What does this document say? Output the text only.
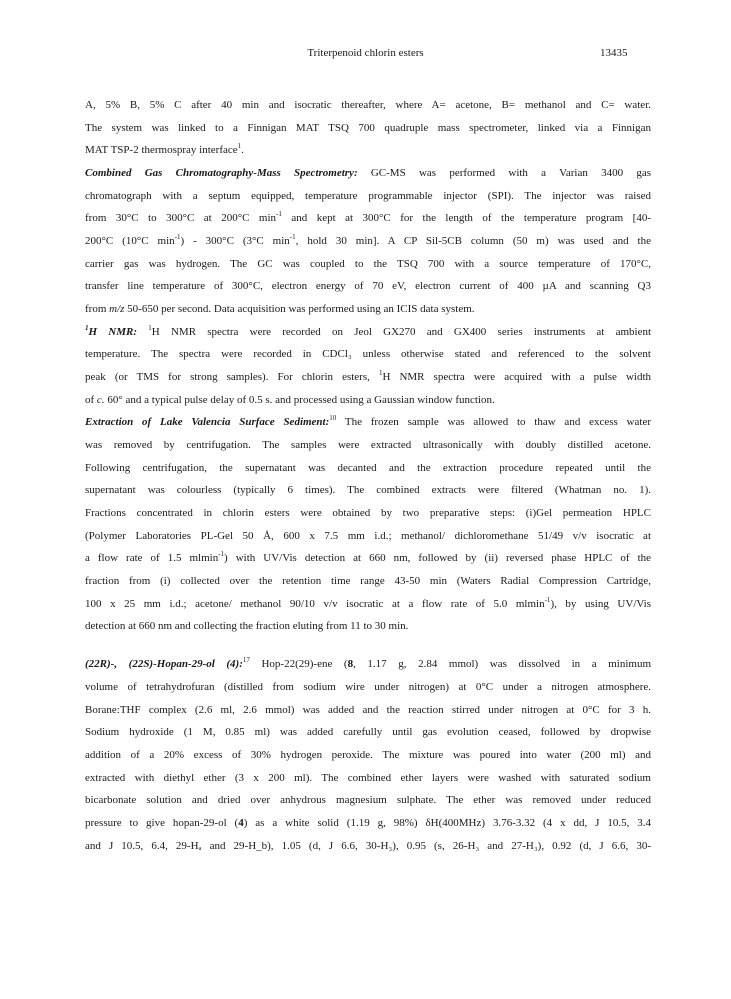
Triterpenoid chlorin esters	13435
A, 5% B, 5% C after 40 min and isocratic thereafter, where A= acetone, B= methanol and C= water.
The system was linked to a Finnigan MAT TSQ 700 quadruple mass spectrometer, linked via a Finnigan
MAT TSP-2 thermospray interface$^1$.
Combined Gas Chromatography-Mass Spectrometry: GC-MS was performed with a Varian 3400 gas
chromatograph with a septum equipped, temperature programmable injector (SPI). The injector was raised
from 30°C to 300°C at 200°C $\min^{-1}$ and kept at 300°C for the length of the temperature program [40-
200°C (10°C $\min^{-1}) - 300^\circ C$ (3°C $\min^{-1}$, hold 30 min]. A CP Sil-5CB column (50 m) was used and the
carrier gas was hydrogen. The GC was coupled to the TSQ 700 with a source temperature of 170°C,
transfer line temperature of 300°C, electron energy of 70 eV, electron current of 400 µA and scanning Q3
from m/z 50-650 per second. Data acquisition was performed using an ICIS data system.
$^1$H NMR: $^1$H NMR spectra were recorded on Jeol GX270 and GX400 series instruments at ambient
temperature. The spectra were recorded in CDCl₃ unless otherwise stated and referenced to the solvent
peak (or TMS for strong samples). For chlorin esters, $^1$H NMR spectra were acquired with a pulse width
of c. 60° and a typical pulse delay of 0.5 s. and processed using a Gaussian window function.
Extraction of Lake Valencia Surface Sediment:$^{10}$ The frozen sample was allowed to thaw and excess water
was removed by centrifugation. The samples were extracted ultrasonically with doubly distilled acetone.
Following centrifugation, the supernatant was decanted and the extraction procedure repeated until the
supernatant was colourless (typically 6 times). The combined extracts were filtered (Whatman no. 1).
Fractions concentrated in chlorin esters were obtained by two preparative steps: (i)Gel permeation HPLC
(Polymer Laboratories PL-Gel 50 Å, 600 x 7.5 mm i.d.; methanol/ dichloromethane 51/49 v/v isocratic at
a flow rate of 1.5 mlmin$^{-1}$) with UV/Vis detection at 660 nm, followed by (ii) reversed phase HPLC of the
fraction from (i) collected over the retention time range 43-50 min (Waters Radial Compression Cartridge,
100 x 25 mm i.d.; acetone/ methanol 90/10 v/v isocratic at a flow rate of 5.0 mlmin$^{-1}$), by using UV/Vis
detection at 660 nm and collecting the fraction eluting from 11 to 30 min.
(22R)-, (22S)-Hopan-29-ol (4):$^{17}$ Hop-22(29)-ene (8, 1.17 g, 2.84 mmol) was dissolved in a minimum
volume of tetrahydrofuran (distilled from sodium wire under nitrogen) at 0°C under a nitrogen atmosphere.
Borane:THF complex (2.6 ml, 2.6 mmol) was added and the reaction stirred under nitrogen at 0°C for 3 h.
Sodium hydroxide (1 M, 0.85 ml) was added carefully until gas evolution ceased, followed by dropwise
addition of a 20% excess of 30% hydrogen peroxide. The mixture was poured into water (200 ml) and
extracted with diethyl ether (3 x 200 ml). The combined ether layers were washed with saturated sodium
bicarbonate solution and dried over anhydrous magnesium sulphate. The ether was removed under reduced
pressure to give hopan-29-ol (4) as a white solid (1.19 g, 98%) δH(400MHz) 3.76-3.32 (4 x dd, J 10.5, 3.4
and J 10.5, 6.4, 29-Hₐ and 29-H_b), 1.05 (d, J 6.6, 30-H₃), 0.95 (s, 26-H₃ and 27-H₃), 0.92 (d, J 6.6, 30-
